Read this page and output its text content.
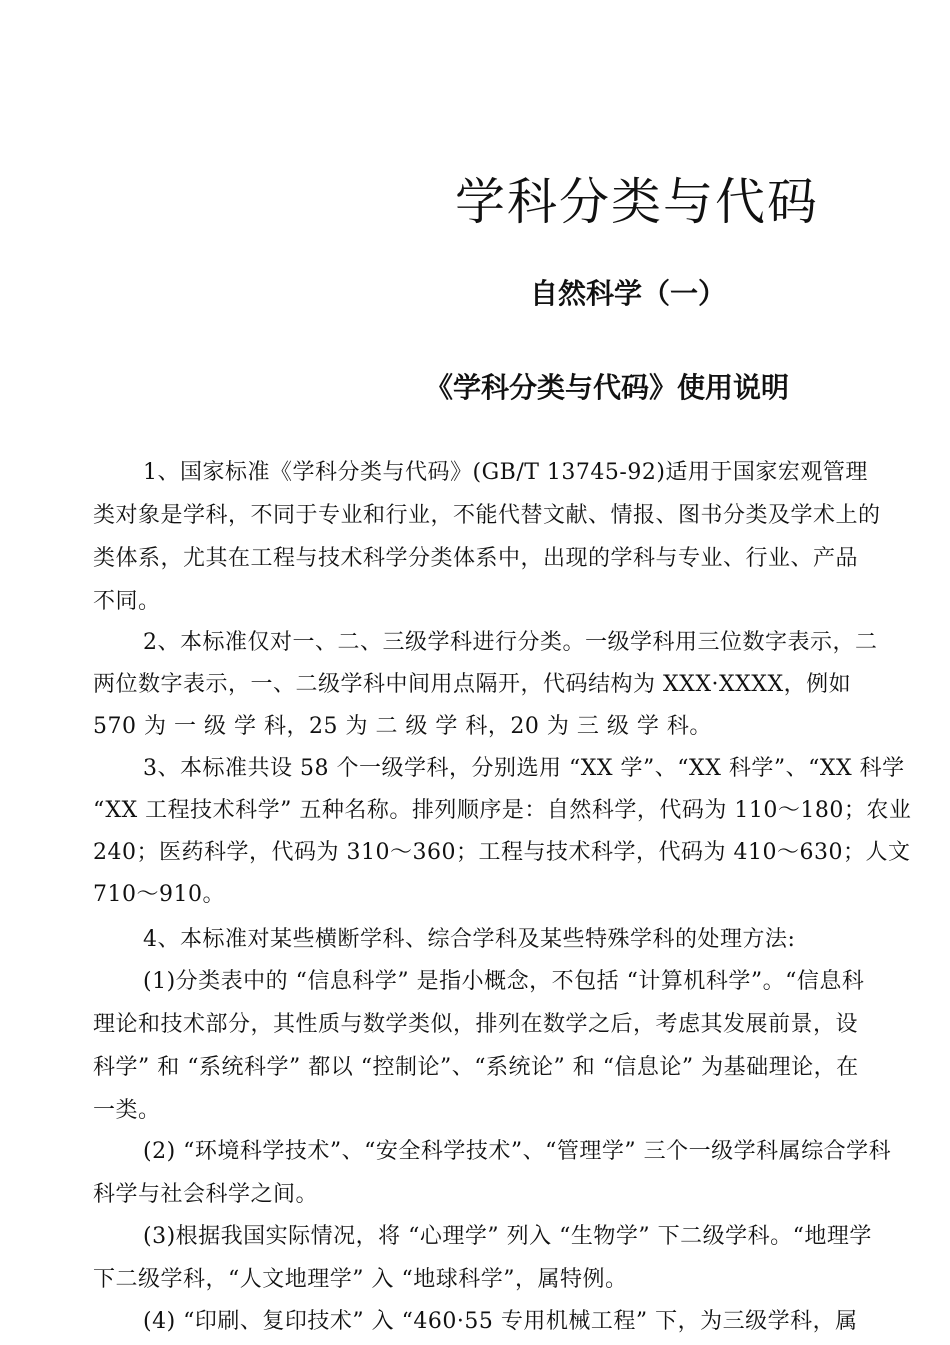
学科分类与代码
自然科学（一）
《学科分类与代码》使用说明
1、国家标准《学科分类与代码》(GB/T 13745-92)适用于国家宏观管理
类对象是学科，不同于专业和行业，不能代替文献、情报、图书分类及学术上的
类体系，尤其在工程与技术科学分类体系中，出现的学科与专业、行业、产品
不同。
2、本标准仅对一、二、三级学科进行分类。一级学科用三位数字表示，二
两位数字表示，一、二级学科中间用点隔开，代码结构为 XXX·XXXX，例如
570 为 一 级 学 科，25 为 二 级 学 科，20 为 三 级 学 科。
3、本标准共设 58 个一级学科，分别选用 “XX 学”、“XX 科学”、“XX 科学
“XX 工程技术科学” 五种名称。排列顺序是：自然科学，代码为 110～180；农业
240；医药科学，代码为 310～360；工程与技术科学，代码为 410～630；人文
710～910。
4、本标准对某些横断学科、综合学科及某些特殊学科的处理方法:
(1)分类表中的 “信息科学” 是指小概念，不包括 “计算机科学”。“信息科
理论和技术部分，其性质与数学类似，排列在数学之后，考虑其发展前景，设
科学” 和 “系统科学” 都以 “控制论”、“系统论” 和 “信息论” 为基础理论，在
一类。
(2) “环境科学技术”、“安全科学技术”、“管理学” 三个一级学科属综合学科
科学与社会科学之间。
(3)根据我国实际情况，将 “心理学” 列入 “生物学” 下二级学科。“地理学
下二级学科，“人文地理学” 入 “地球科学”，属特例。
(4) “印刷、复印技术” 入 “460·55 专用机械工程” 下，为三级学科，属
